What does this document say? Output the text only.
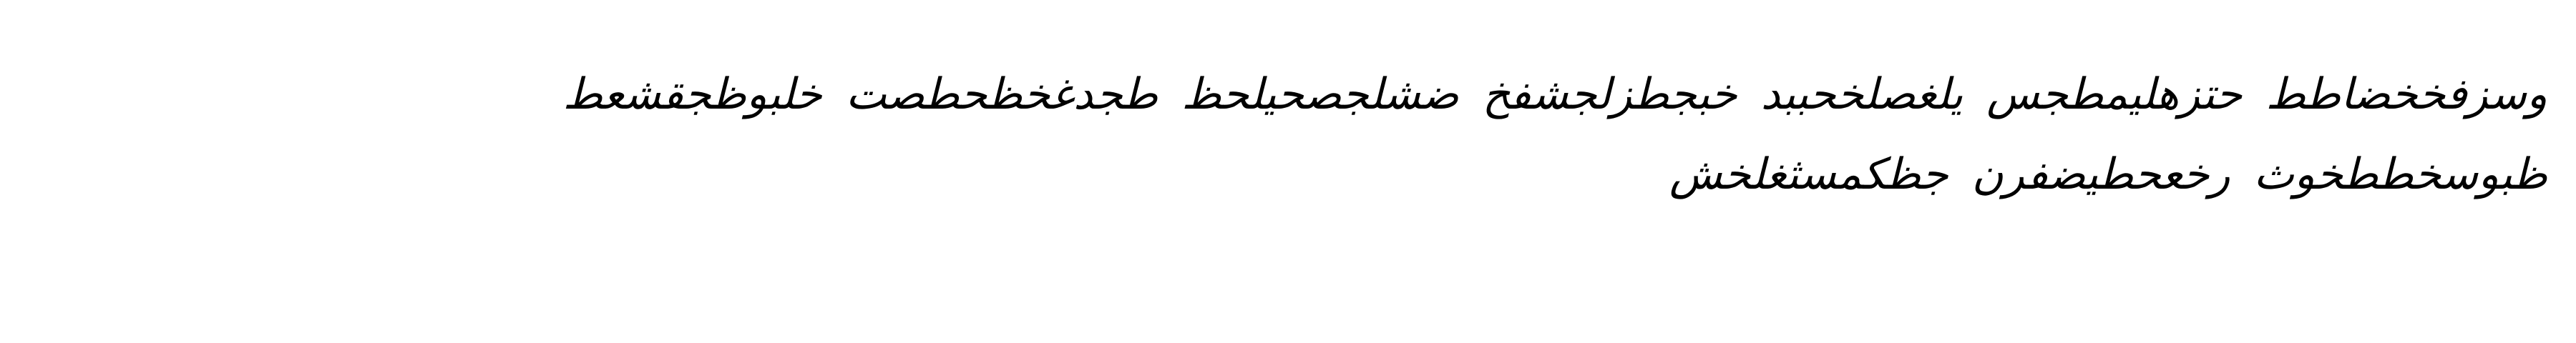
وسزفخخضاطط حتزهليمطجس يلغصلخحببد خبجطزلجشفخ ضشلجصحيلحظ طجدغخظحطصت خلبوظجقشعط
ظبوسخططخوث رخعحطيضفرن جظكمسثغلخش
